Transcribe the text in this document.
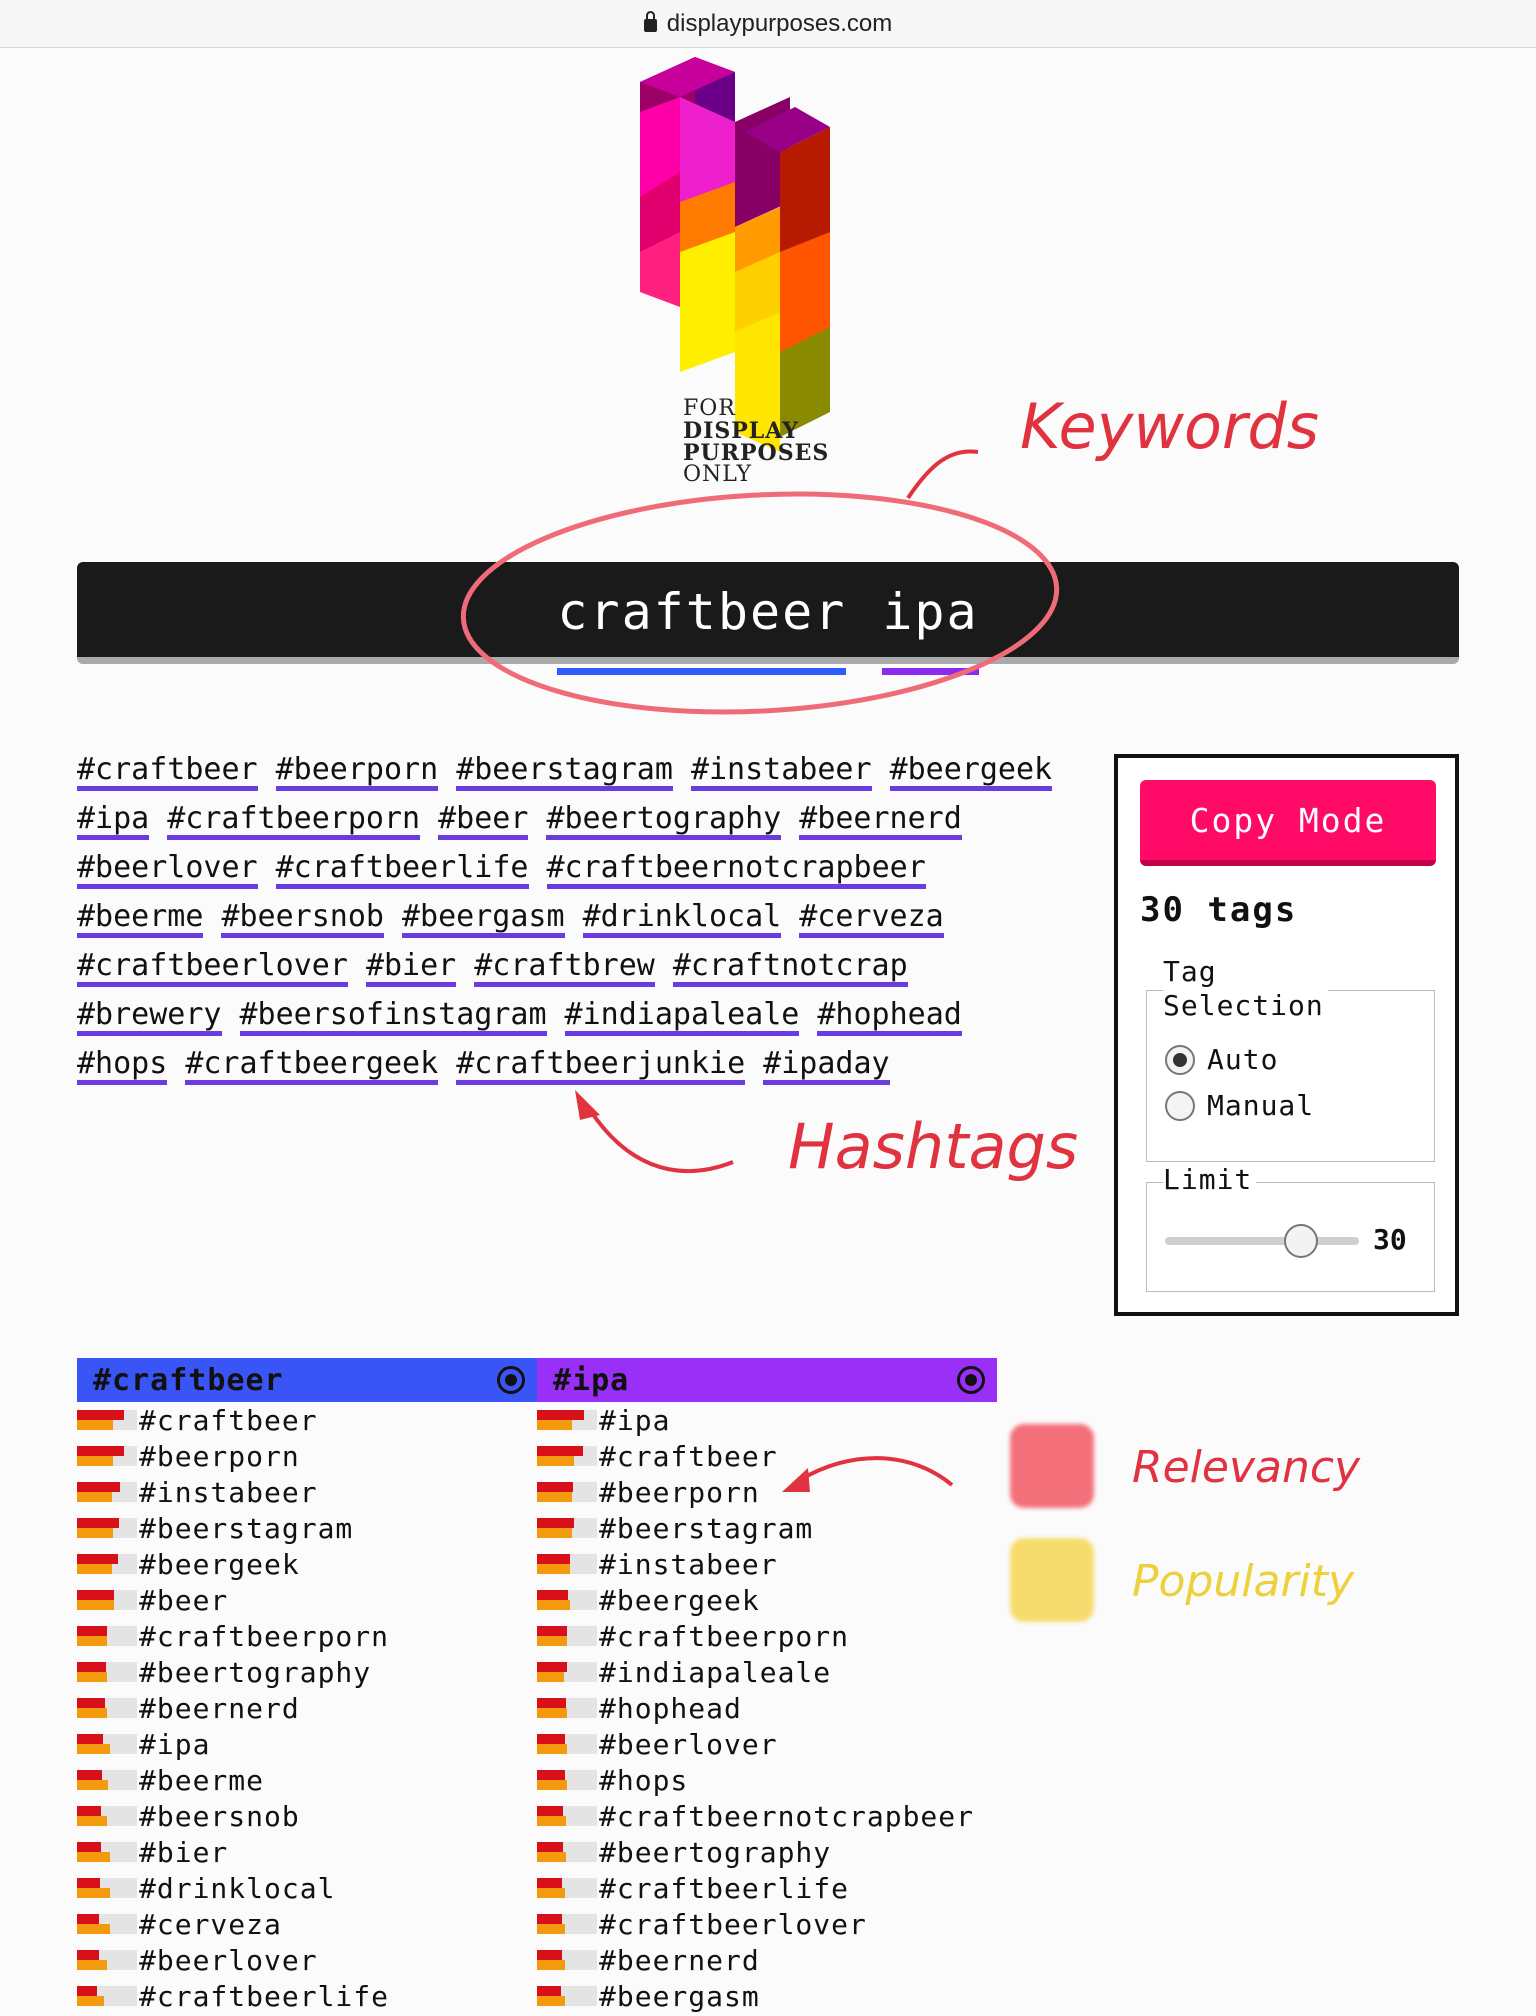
displaypurposes.com
FOR
DISPLAY
PURPOSES
ONLY
craftbeer ipa
#craftbeer #beerporn #beerstagram #instabeer #beergeek#ipa #craftbeerporn #beer #beertography #beernerd#beerlover #craftbeerlife #craftbeernotcrapbeer#beerme #beersnob #beergasm #drinklocal #cerveza#craftbeerlover #bier #craftbrew #craftnotcrap#brewery #beersofinstagram #indiapaleale #hophead#hops #craftbeergeek #craftbeerjunkie #ipaday
Copy Mode
30 tags
Tag
Selection
Auto
Manual
Limit
30
#craftbeer
#craftbeer
#beerporn
#instabeer
#beerstagram
#beergeek
#beer
#craftbeerporn
#beertography
#beernerd
#ipa
#beerme
#beersnob
#bier
#drinklocal
#cerveza
#beerlover
#craftbeerlife
#ipa
#ipa
#craftbeer
#beerporn
#beerstagram
#instabeer
#beergeek
#craftbeerporn
#indiapaleale
#hophead
#beerlover
#hops
#craftbeernotcrapbeer
#beertography
#craftbeerlife
#craftbeerlover
#beernerd
#beergasm
Keywords
Hashtags
Relevancy
Popularity
